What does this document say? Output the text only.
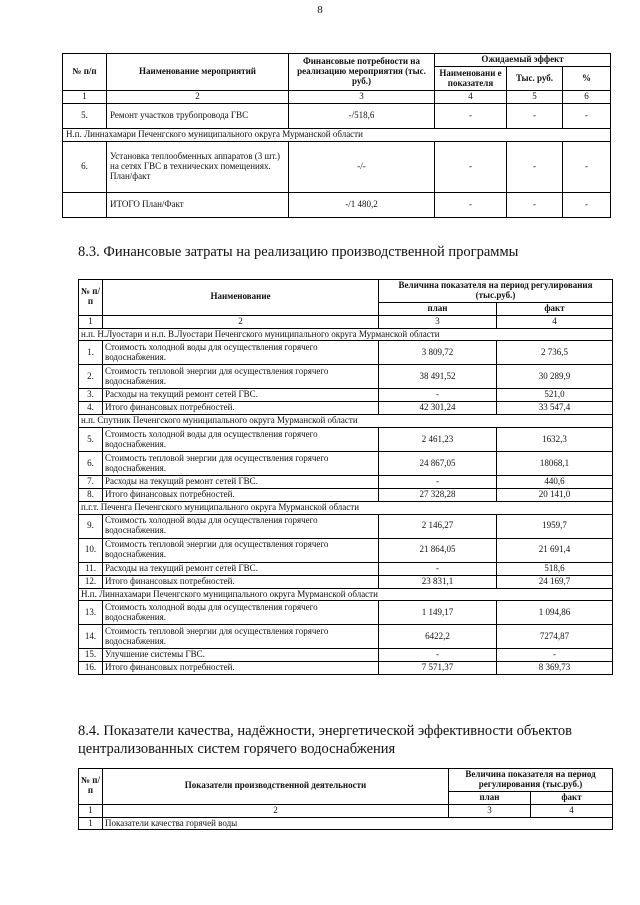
8
№ п/п	Наименование мероприятий	Финансовые потребности на реализацию мероприятия (тыс. руб.)	Ожидаемый эффект		
			Наименовани е показателя	Тыс. руб.	%
1	2	3	4	5	6
5.	Ремонт участков трубопровода ГВС	-/518,6	-	-	-
Н.п. Линнахамари Печенгского муниципального округа Мурманской области					
6.	Установка теплообменных аппаратов (3 шт.) на сетях ГВС в технических помещениях. План/факт	-/-	-	-	-
	ИТОГО План/Факт	-/1 480,2	-	-	-
8.3. Финансовые затраты на реализацию производственной программы
№ п/п	Наименование	Величина показателя на период регулирования (тыс.руб.)	
		план	факт
1	2	3	4
н.п. Н.Луостари и н.п. В.Луостари Печенгского муниципального округа Мурманской области			
1.	Стоимость холодной воды для осуществления горячего водоснабжения.	3 809,72	2 736,5
2.	Стоимость тепловой энергии для осуществления горячего водоснабжения.	38 491,52	30 289,9
3.	Расходы на текущий ремонт сетей ГВС.	-	521,0
4.	Итого финансовых потребностей.	42 301,24	33 547,4
н.п. Спутник Печенгского муниципального округа Мурманской области			
5.	Стоимость холодной воды для осуществления горячего водоснабжения.	2 461,23	1632,3
6.	Стоимость тепловой энергии для осуществления горячего водоснабжения.	24 867,05	18068,1
7.	Расходы на текущий ремонт сетей ГВС.	-	440,6
8.	Итого финансовых потребностей.	27 328,28	20 141,0
п.г.т. Печенга Печенгского муниципального округа Мурманской области			
9.	Стоимость холодной воды для осуществления горячего водоснабжения.	2 146,27	1959,7
10.	Стоимость тепловой энергии для осуществления горячего водоснабжения.	21 864,05	21 691,4
11.	Расходы на текущий ремонт сетей ГВС.	-	518,6
12.	Итого финансовых потребностей.	23 831,1	24 169,7
Н.п. Линнахамари Печенгского муниципального округа Мурманской области			
13.	Стоимость холодной воды для осуществления горячего водоснабжения.	1 149,17	1 094,86
14.	Стоимость тепловой энергии для осуществления горячего водоснабжения.	6422,2	7274,87
15.	Улучшение системы ГВС.	-	-
16.	Итого финансовых потребностей.	7 571,37	8 369,73
8.4. Показатели качества, надёжности, энергетической эффективности объектов централизованных систем горячего водоснабжения
№ п/п	Показатели производственной деятельности	Величина показателя на период регулирования (тыс.руб.)	
		план	факт
1	2	3	4
1	Показатели качества горячей воды		
